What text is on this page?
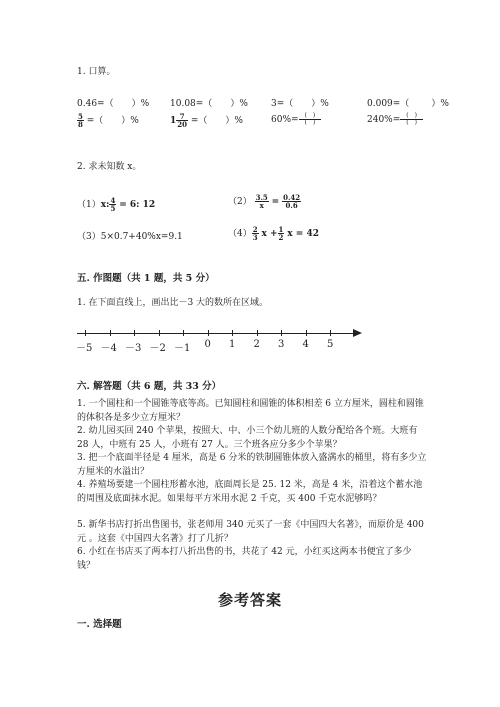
1. 口算。
0.46=（ ）% 10.08=（ ）%	3=（ ）%	0.009=（ ）%
$\frac{5}{8}$ =（　　）%	$1 \frac{7}{20}$ =（　　）%	$60\%= \frac{( )}{( )}$	$240\%= \frac{( )}{( )}$
2. 求未知数 x。
（1）x: $\frac{4}{5} = 6$: 12	$(2) \frac{3.5}{x} = \frac{0.42}{0.6}$
（3）5×0.7+40%x=9.1	$(4) \frac{2}{3}$ $x + \frac{1}{2}$ x = 42
五. 作图题（共 1 题，共 5 分）
1. 在下面直线上，画出比－3 大的数所在区域。
－5 －4 －3 －2 －1 0 1 2 3 4 5
六. 解答题（共 6 题，共 33 分）
1. 一个圆柱和一个圆锥等底等高。已知圆柱和圆锥的体积相差 6 立方厘米，圆柱和圆锥的体积各是多少立方厘米？
2. 幼儿园买回 240 个苹果，按照大、中、小三个幼儿班的人数分配给各个班。大班有 28 人，中班有 25 人，小班有 27 人。三个班各应分多少个苹果？
3. 把一个底面半径是 4 厘米，高是 6 分米的铁制圆锥体放入盛满水的桶里，将有多少立方厘米的水溢出？
4. 养殖场要建一个圆柱形蓄水池，底面周长是 25. 12 米，高是 4 米，沿着这个蓄水池的周围及底面抹水泥。如果每平方米用水泥 2 千克，买 400 千克水泥够吗？
5. 新华书店打折出售图书，张老师用 340 元买了一套《中国四大名著》，而原价是 400 元 。这套《中国四大名著》打了几折？
6. 小红在书店买了两本打八折出售的书，共花了 42 元，小红买这两本书便宜了多少钱？
参考答案
一. 选择题
